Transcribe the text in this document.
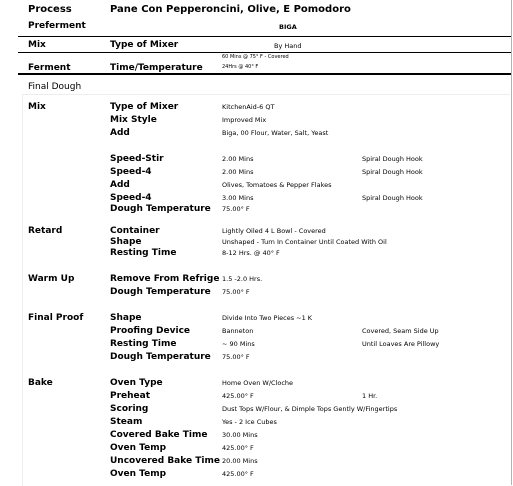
Process	Pane Con Pepperoncini, Olive, E Pomodoro
Preferment	BIGA
Mix	Type of Mixer	By Hand
60 Mins @ 75° F - Covered
Ferment	Time/Temperature	24Hrs @ 40° F
Final Dough
Mix	Type of Mixer	KitchenAid-6 QT
Mix Style	Improved Mix
Add	Biga, 00 Flour, Water, Salt, Yeast
Speed-Stir	2.00 Mins	Spiral Dough Hook
Speed-4	2.00 Mins	Spiral Dough Hook
Add	Olives, Tomatoes & Pepper Flakes
Speed-4	3.00 Mins	Spiral Dough Hook
Dough Temperature 75.00° F
Retard	Container	Lightly Oiled 4 L Bowl - Covered
Shape	Unshaped - Turn In Container Until Coated With Oil
Resting Time	8-12 Hrs. @ 40° F
Warm Up	Remove From Refrige 1.5 -2.0 Hrs.
Dough Temperature 75.00° F
Final Proof	Shape	Divide Into Two Pieces ~1 K
Proofing Device	Banneton	Covered, Seam Side Up
Resting Time	~ 90 Mins	Until Loaves Are Pillowy
Dough Temperature 75.00° F
Bake	Oven Type	Home Oven W/Cloche
Preheat	425.00° F	1 Hr.
Scoring	Dust Tops W/Flour, & Dimple Tops Gently W/Fingertips
Steam	Yes - 2 Ice Cubes
Covered Bake Time 30.00 Mins
Oven Temp	425.00° F
Uncovered Bake Time 20.00 Mins
Oven Temp	425.00° F
